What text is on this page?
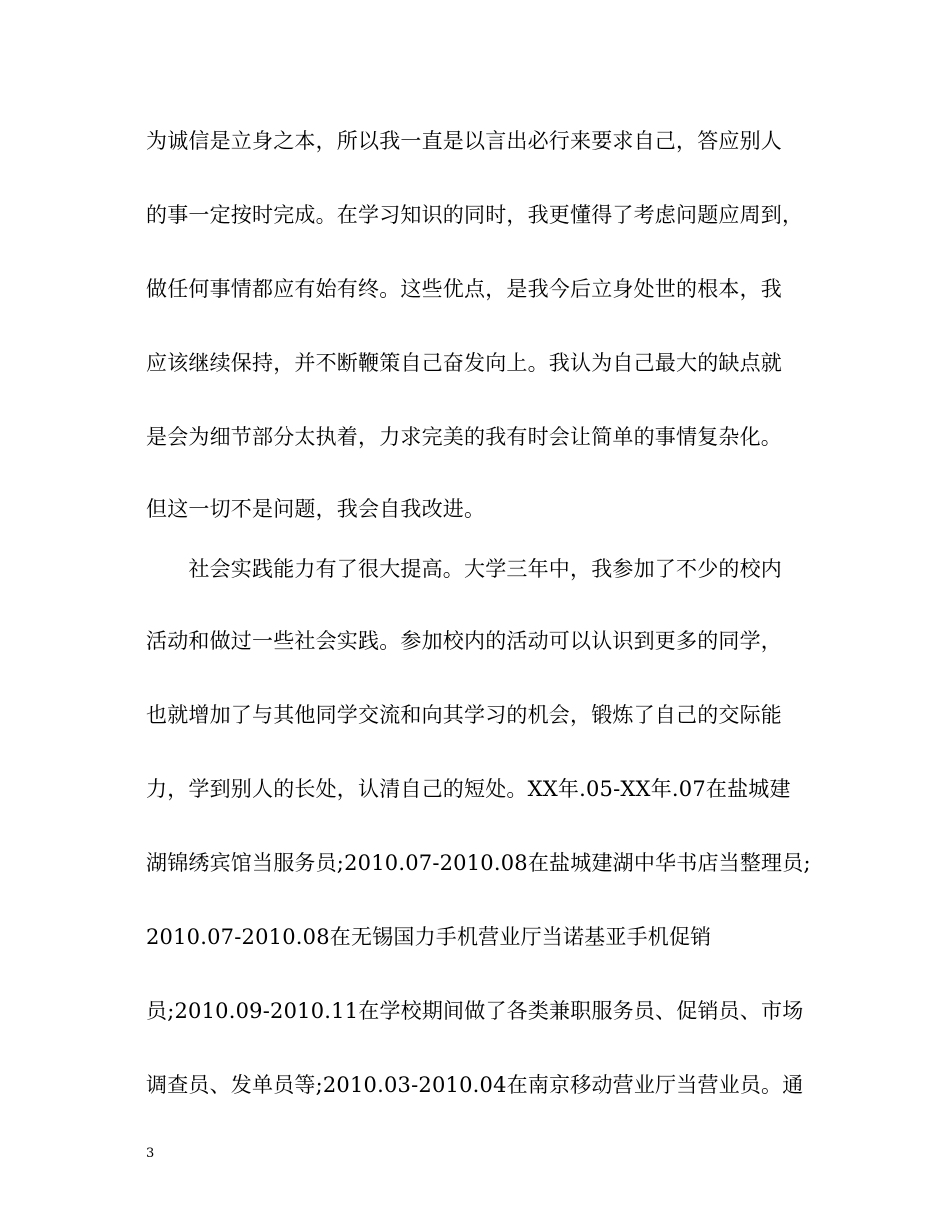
为诚信是立身之本，所以我一直是以言出必行来要求自己，答应别人
的事一定按时完成。在学习知识的同时，我更懂得了考虑问题应周到，
做任何事情都应有始有终。这些优点，是我今后立身处世的根本，我
应该继续保持，并不断鞭策自己奋发向上。我认为自己最大的缺点就
是会为细节部分太执着，力求完美的我有时会让简单的事情复杂化。
但这一切不是问题，我会自我改进。
　　社会实践能力有了很大提高。大学三年中，我参加了不少的校内
活动和做过一些社会实践。参加校内的活动可以认识到更多的同学，
也就增加了与其他同学交流和向其学习的机会，锻炼了自己的交际能
力，学到别人的长处，认清自己的短处。XX年.05-XX年.07在盐城建
湖锦绣宾馆当服务员;2010.07-2010.08在盐城建湖中华书店当整理员;
2010.07-2010.08在无锡国力手机营业厅当诺基亚手机促销
员;2010.09-2010.11在学校期间做了各类兼职服务员、促销员、市场
调查员、发单员等;2010.03-2010.04在南京移动营业厅当营业员。通
3
